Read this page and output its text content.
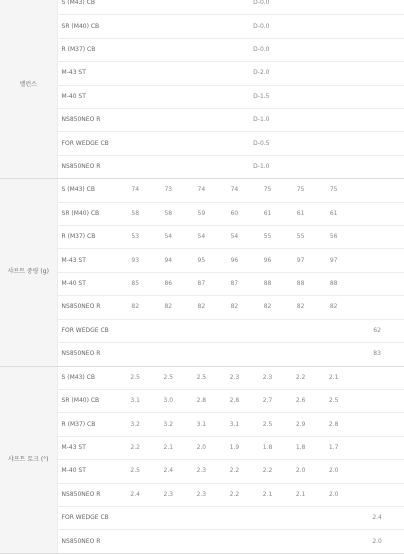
밸런스	S (M43) CB	D-0.0							
	SR (M40) CB	D-0.0							
	R (M37) CB	D-0.0							
	M-43 ST	D-2.0							
	M-40 ST	D-1.5							
	NS850NEO R	D-1.0							
	FOR WEDGE CB	D-0.5							
	NS850NEO R	D-1.0							
샤프트 중량 (g)	S (M43) CB	74	73	74	74	75	75	75	
	SR (M40) CB	58	58	59	60	61	61	61	
	R (M37) CB	53	54	54	54	55	55	56	
	M-43 ST	93	94	95	96	96	97	97	
	M-40 ST	85	86	87	87	88	88	88	
	NS850NEO R	82	82	82	82	82	82	82	
	FOR WEDGE CB								62
	NS850NEO R								83
샤프트 토크 (°)	S (M43) CB	2.5	2.5	2.5	2.3	2.3	2.2	2.1	
	SR (M40) CB	3.1	3.0	2.8	2.8	2.7	2.6	2.5	
	R (M37) CB	3.2	3.2	3.1	3.1	2.5	2.9	2.8	
	M-43 ST	2.2	2.1	2.0	1.9	1.8	1.8	1.7	
	M-40 ST	2.5	2.4	2.3	2.2	2.2	2.0	2.0	
	NS850NEO R	2.4	2.3	2.3	2.2	2.1	2.1	2.0	
	FOR WEDGE CB								2.4
	NS850NEO R								2.0
